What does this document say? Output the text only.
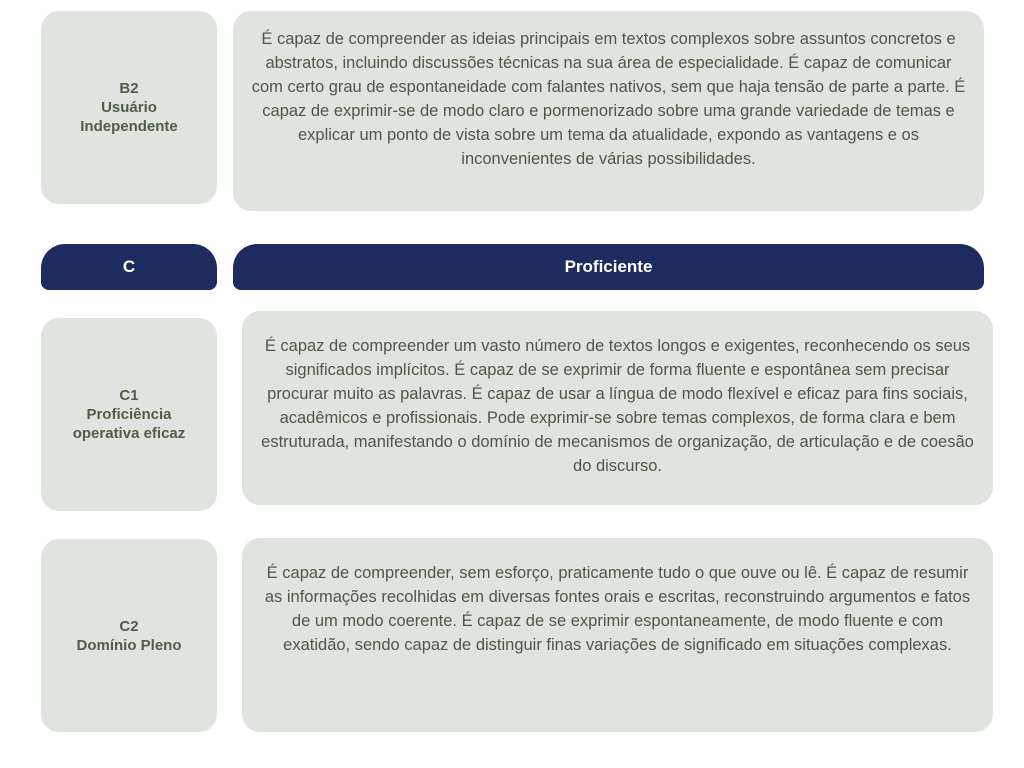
B2
Usuário
Independente
É capaz de compreender as ideias principais em textos complexos sobre assuntos concretos e abstratos, incluindo discussões técnicas na sua área de especialidade. É capaz de comunicar com certo grau de espontaneidade com falantes nativos, sem que haja tensão de parte a parte. É capaz de exprimir-se de modo claro e pormenorizado sobre uma grande variedade de temas e explicar um ponto de vista sobre um tema da atualidade, expondo as vantagens e os inconvenientes de várias possibilidades.
C	Proficiente
C1
Proficiência
operativa eficaz
É capaz de compreender um vasto número de textos longos e exigentes, reconhecendo os seus significados implícitos. É capaz de se exprimir de forma fluente e espontânea sem precisar procurar muito as palavras. É capaz de usar a língua de modo flexível e eficaz para fins sociais, acadêmicos e profissionais. Pode exprimir-se sobre temas complexos, de forma clara e bem estruturada, manifestando o domínio de mecanismos de organização, de articulação e de coesão do discurso.
C2
Domínio Pleno
É capaz de compreender, sem esforço, praticamente tudo o que ouve ou lê. É capaz de resumir as informações recolhidas em diversas fontes orais e escritas, reconstruindo argumentos e fatos de um modo coerente. É capaz de se exprimir espontaneamente, de modo fluente e com exatidão, sendo capaz de distinguir finas variações de significado em situações complexas.
